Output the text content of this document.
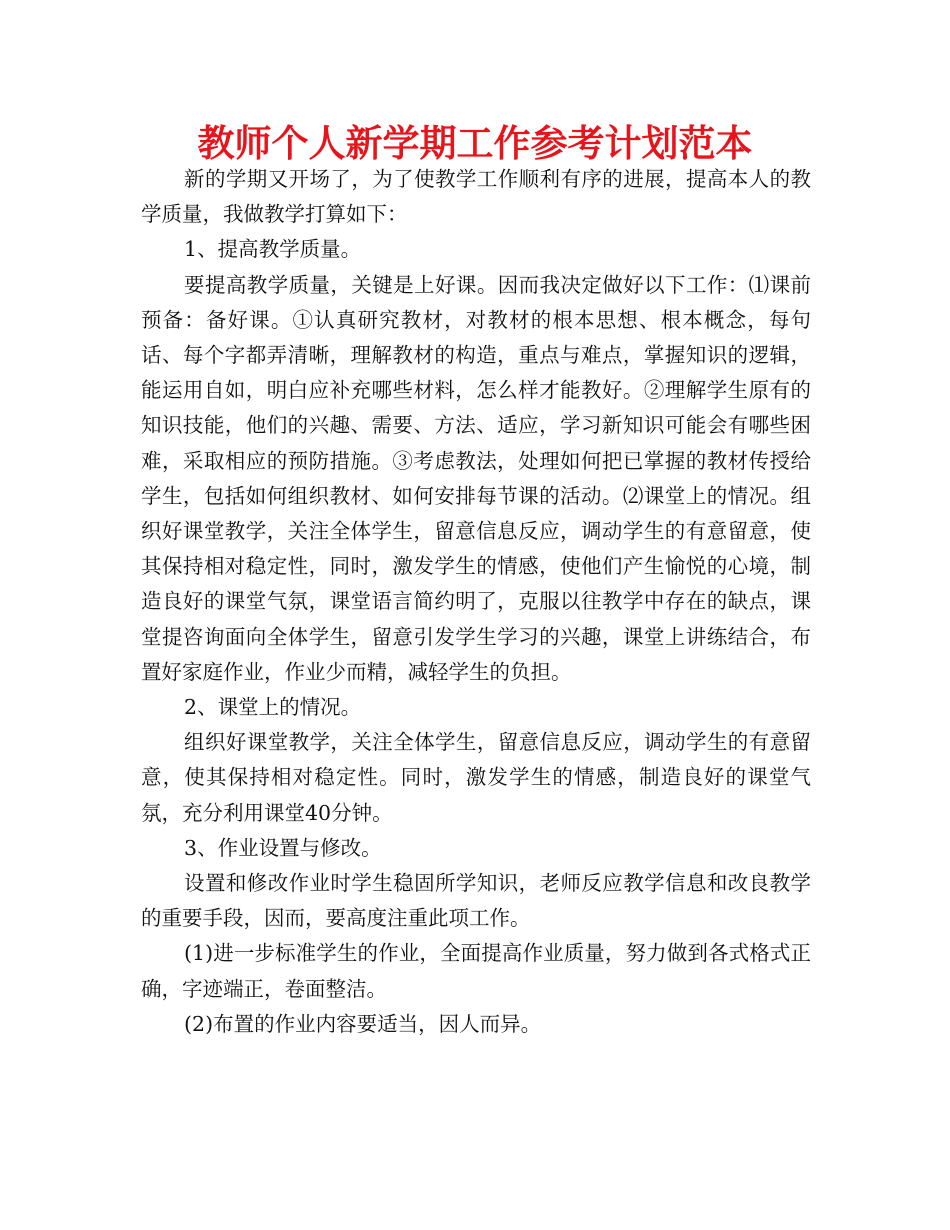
教师个人新学期工作参考计划范本

新的学期又开场了，为了使教学工作顺利有序的进展，提高本人的教学质量，我做教学打算如下：

1、提高教学质量。

要提高教学质量，关键是上好课。因而我决定做好以下工作：⑴课前预备：备好课。①认真研究教材，对教材的根本思想、根本概念，每句话、每个字都弄清晰，理解教材的构造，重点与难点，掌握知识的逻辑，能运用自如，明白应补充哪些材料，怎么样才能教好。②理解学生原有的知识技能，他们的兴趣、需要、方法、适应，学习新知识可能会有哪些困难，采取相应的预防措施。③考虑教法，处理如何把已掌握的教材传授给学生，包括如何组织教材、如何安排每节课的活动。⑵课堂上的情况。组织好课堂教学，关注全体学生，留意信息反应，调动学生的有意留意，使其保持相对稳定性，同时，激发学生的情感，使他们产生愉悦的心境，制造良好的课堂气氛，课堂语言简约明了，克服以往教学中存在的缺点，课堂提咨询面向全体学生，留意引发学生学习的兴趣，课堂上讲练结合，布置好家庭作业，作业少而精，减轻学生的负担。

2、课堂上的情况。

组织好课堂教学，关注全体学生，留意信息反应，调动学生的有意留意，使其保持相对稳定性。同时，激发学生的情感，制造良好的课堂气氛，充分利用课堂40分钟。

3、作业设置与修改。

设置和修改作业时学生稳固所学知识，老师反应教学信息和改良教学的重要手段，因而，要高度注重此项工作。

(1)进一步标准学生的作业，全面提高作业质量，努力做到各式格式正确，字迹端正，卷面整洁。

(2)布置的作业内容要适当，因人而异。
